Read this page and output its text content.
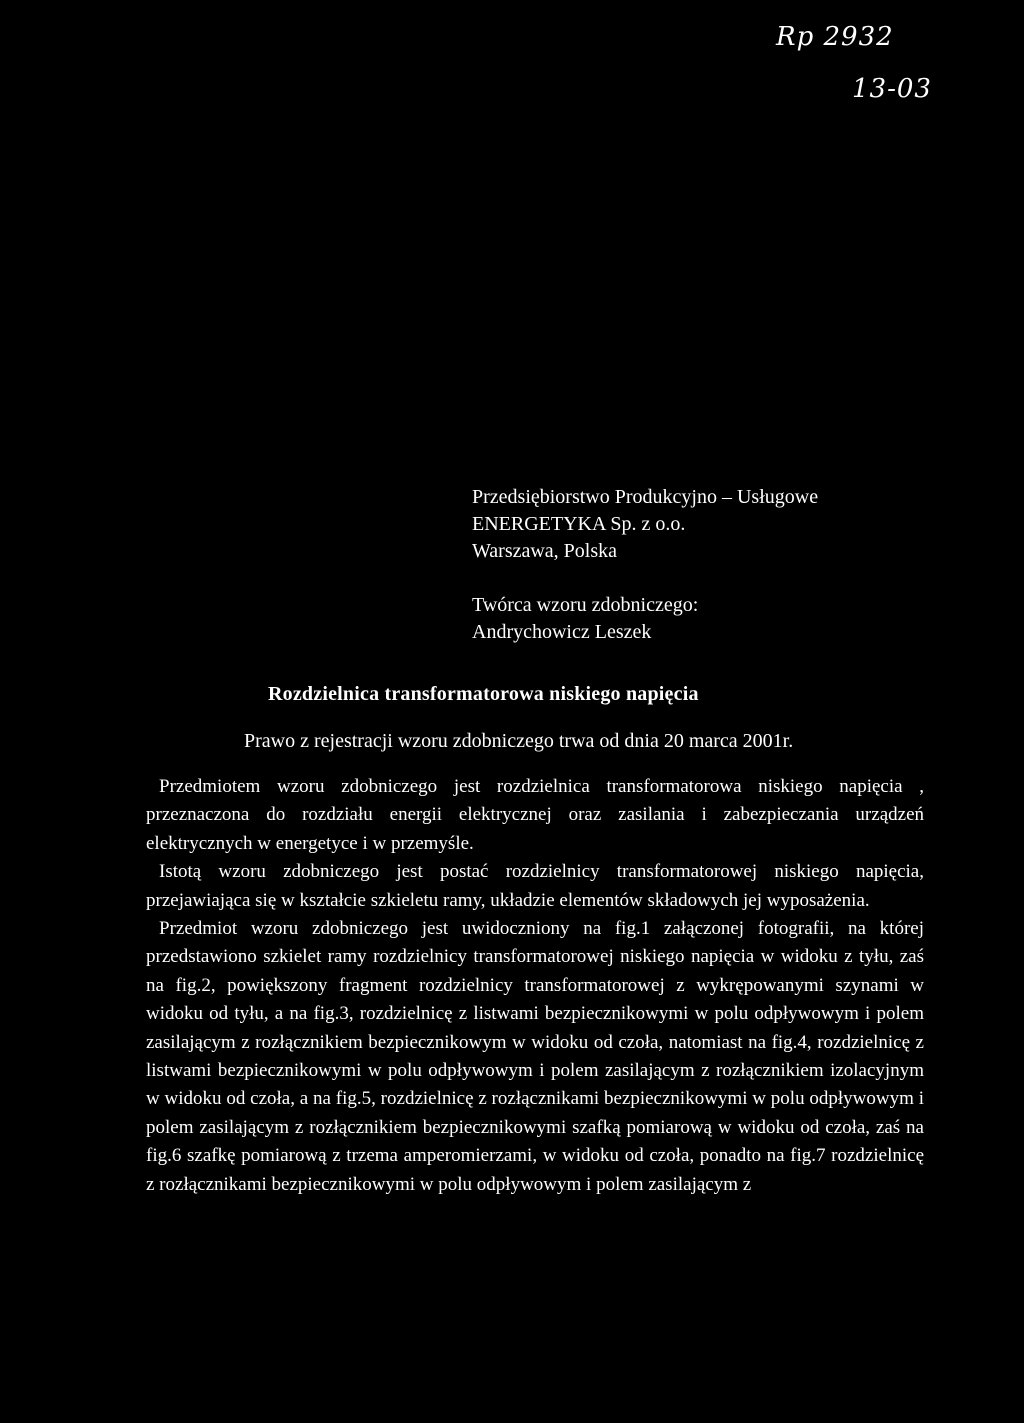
Rp 2932
13-03
Przedsiębiorstwo Produkcyjno – Usługowe
ENERGETYKA Sp. z o.o.
Warszawa, Polska
Twórca wzoru zdobniczego:
Andrychowicz Leszek
Rozdzielnica transformatorowa niskiego napięcia
Prawo z rejestracji wzoru zdobniczego trwa od dnia 20 marca 2001r.

Przedmiotem wzoru zdobniczego jest rozdzielnica transformatorowa niskiego napięcia , przeznaczona do rozdziału energii elektrycznej oraz zasilania i zabezpieczania urządzeń elektrycznych w energetyce i w przemyśle.

Istotą wzoru zdobniczego jest postać rozdzielnicy transformatorowej niskiego napięcia, przejawiająca się w kształcie szkieletu ramy, układzie elementów składowych jej wyposażenia.

Przedmiot wzoru zdobniczego jest uwidoczniony na fig.1 załączonej fotografii, na której przedstawiono szkielet ramy rozdzielnicy transformatorowej niskiego napięcia w widoku z tyłu, zaś na fig.2, powiększony fragment rozdzielnicy transformatorowej z wykrępowanymi szynami w widoku od tyłu, a na fig.3, rozdzielnicę z listwami bezpiecznikowymi w polu odpływowym i polem zasilającym z rozłącznikiem bezpiecznikowym w widoku od czoła, natomiast na fig.4, rozdzielnicę z listwami bezpiecznikowymi w polu odpływowym i polem zasilającym z rozłącznikiem izolacyjnym w widoku od czoła, a na fig.5, rozdzielnicę z rozłącznikami bezpiecznikowymi w polu odpływowym i polem zasilającym z rozłącznikiem bezpiecznikowymi szafką pomiarową w widoku od czoła, zaś na fig.6 szafkę pomiarową z trzema amperomierzami, w widoku od czoła, ponadto na fig.7 rozdzielnicę z rozłącznikami bezpiecznikowymi w polu odpływowym i polem zasilającym z
